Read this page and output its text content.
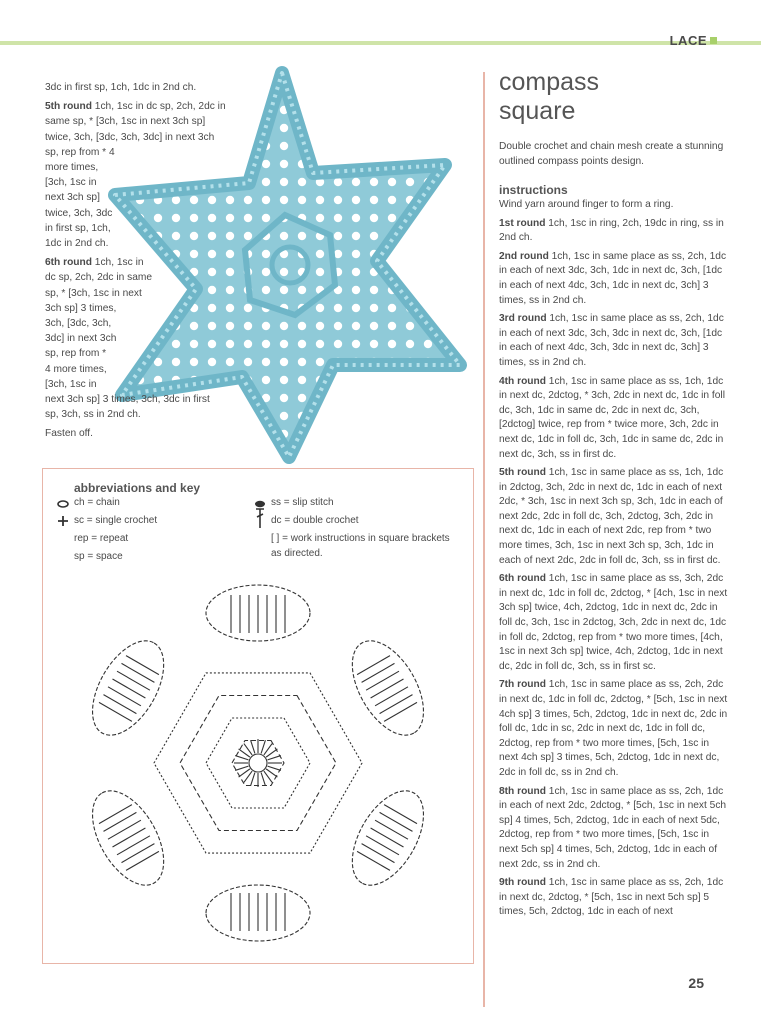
LACE

3dc in first sp, 1ch, 1dc in 2nd ch.

5th round 1ch, 1sc in dc sp, 2ch, 2dc in

same sp, * [3ch, 1sc in next 3ch sp]

twice, 3ch, [3dc, 3ch, 3dc] in next 3ch

sp, rep from * 4

more times,

[3ch, 1sc in

next 3ch sp]

twice, 3ch, 3dc

in first sp, 1ch,

1dc in 2nd ch.

6th round 1ch, 1sc in

dc sp, 2ch, 2dc in same

sp, * [3ch, 1sc in next

3ch sp] 3 times,

3ch, [3dc, 3ch,

3dc] in next 3ch

sp, rep from *

4 more times,

[3ch, 1sc in

next 3ch sp] 3 times, 3ch, 3dc in first

sp, 3ch, ss in 2nd ch.

Fasten off.

abbreviations and key
ch = chain
sc = single crochet
rep = repeat
sp = space
ss = slip stitch
dc = double crochet
[ ] = work instructions in square brackets
as directed.
compass
square
Double crochet and chain mesh create a stunning outlined compass points design.
instructions

Wind yarn around finger to form a ring.

1st round 1ch, 1sc in ring, 2ch, 19dc in ring, ss in 2nd ch.

2nd round 1ch, 1sc in same place as ss, 2ch, 1dc in each of next 3dc, 3ch, 1dc in next dc, 3ch, [1dc in each of next 4dc, 3ch, 1dc in next dc, 3ch] 3 times, ss in 2nd ch.

3rd round 1ch, 1sc in same place as ss, 2ch, 1dc in each of next 3dc, 3ch, 3dc in next dc, 3ch, [1dc in each of next 4dc, 3ch, 3dc in next dc, 3ch] 3 times, ss in 2nd ch.

4th round 1ch, 1sc in same place as ss, 1ch, 1dc in next dc, 2dctog, * 3ch, 2dc in next dc, 1dc in foll dc, 3ch, 1dc in same dc, 2dc in next dc, 3ch, [2dctog] twice, rep from * twice more, 3ch, 2dc in next dc, 1dc in foll dc, 3ch, 1dc in same dc, 2dc in next dc, 3ch, ss in first dc.

5th round 1ch, 1sc in same place as ss, 1ch, 1dc in 2dctog, 3ch, 2dc in next dc, 1dc in each of next 2dc, * 3ch, 1sc in next 3ch sp, 3ch, 1dc in each of next 2dc, 2dc in foll dc, 3ch, 2dctog, 3ch, 2dc in next dc, 1dc in each of next 2dc, rep from * two more times, 3ch, 1sc in next 3ch sp, 3ch, 1dc in each of next 2dc, 2dc in foll dc, 3ch, ss in first dc.

6th round 1ch, 1sc in same place as ss, 3ch, 2dc in next dc, 1dc in foll dc, 2dctog, * [4ch, 1sc in next 3ch sp] twice, 4ch, 2dctog, 1dc in next dc, 2dc in foll dc, 3ch, 1sc in 2dctog, 3ch, 2dc in next dc, 1dc in foll dc, 2dctog, rep from * two more times, [4ch, 1sc in next 3ch sp] twice, 4ch, 2dctog, 1dc in next dc, 2dc in foll dc, 3ch, ss in first sc.

7th round 1ch, 1sc in same place as ss, 2ch, 2dc in next dc, 1dc in foll dc, 2dctog, * [5ch, 1sc in next 4ch sp] 3 times, 5ch, 2dctog, 1dc in next dc, 2dc in foll dc, 1dc in sc, 2dc in next dc, 1dc in foll dc, 2dctog, rep from * two more times, [5ch, 1sc in next 4ch sp] 3 times, 5ch, 2dctog, 1dc in next dc, 2dc in foll dc, ss in 2nd ch.

8th round 1ch, 1sc in same place as ss, 2ch, 1dc in each of next 2dc, 2dctog, * [5ch, 1sc in next 5ch sp] 4 times, 5ch, 2dctog, 1dc in each of next 5dc, 2dctog, rep from * two more times, [5ch, 1sc in next 5ch sp] 4 times, 5ch, 2dctog, 1dc in each of next 2dc, ss in 2nd ch.

9th round 1ch, 1sc in same place as ss, 2ch, 1dc in next dc, 2dctog, * [5ch, 1sc in next 5ch sp] 5 times, 5ch, 2dctog, 1dc in each of next

25
